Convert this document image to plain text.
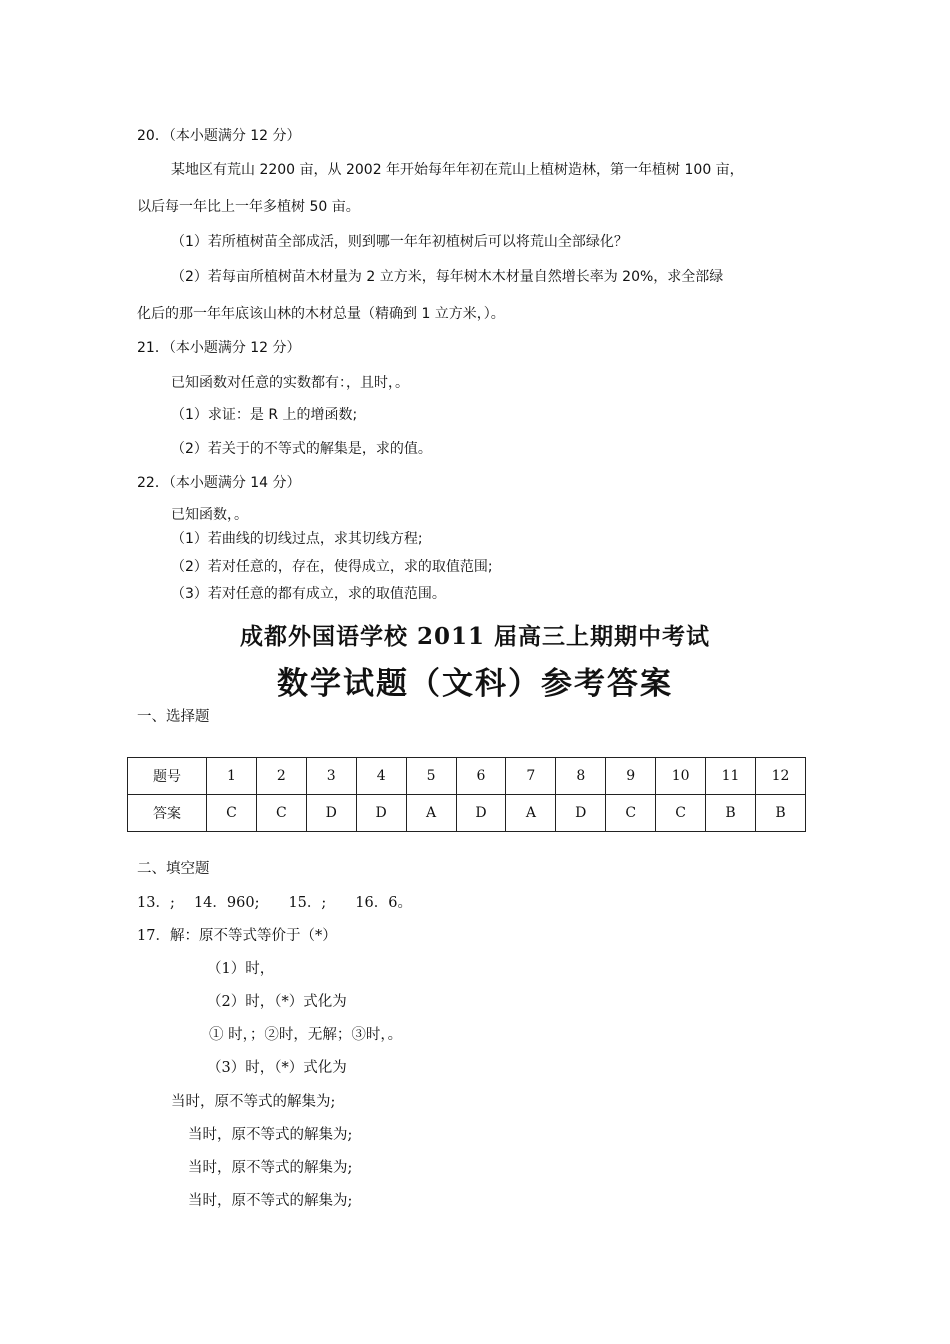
20．（本小题满分 12 分）
某地区有荒山 2200 亩，从 2002 年开始每年年初在荒山上植树造林，第一年植树 100 亩，
以后每一年比上一年多植树 50 亩。
（1）若所植树苗全部成活，则到哪一年年初植树后可以将荒山全部绿化？
（2）若每亩所植树苗木材量为 2 立方米，每年树木木材量自然增长率为 20%，求全部绿
化后的那一年年底该山林的木材总量（精确到 1 立方米，）。
21．（本小题满分 12 分）
已知函数对任意的实数都有：，且时，。
（1）求证：是 R 上的增函数;
（2）若关于的不等式的解集是，求的值。
22．（本小题满分 14 分）
已知函数，。
（1）若曲线的切线过点，求其切线方程;
（2）若对任意的，存在，使得成立，求的取值范围;
（3）若对任意的都有成立，求的取值范围。
成都外国语学校 2011 届高三上期期中考试
数学试题（文科）参考答案
一、选择题
题号	1	2	3	4	5	6	7	8	9	10	11	12
答案	C	C	D	D	A	D	A	D	C	C	B	B
二、填空题
13．;　 14．960;　　15．;　　16．6。
17．解：原不等式等价于（*）
（1）时，
（2）时，（*）式化为
① 时，；②时，无解；③时，。
（3）时，（*）式化为
当时，原不等式的解集为;
当时，原不等式的解集为;
当时，原不等式的解集为;
当时，原不等式的解集为;
